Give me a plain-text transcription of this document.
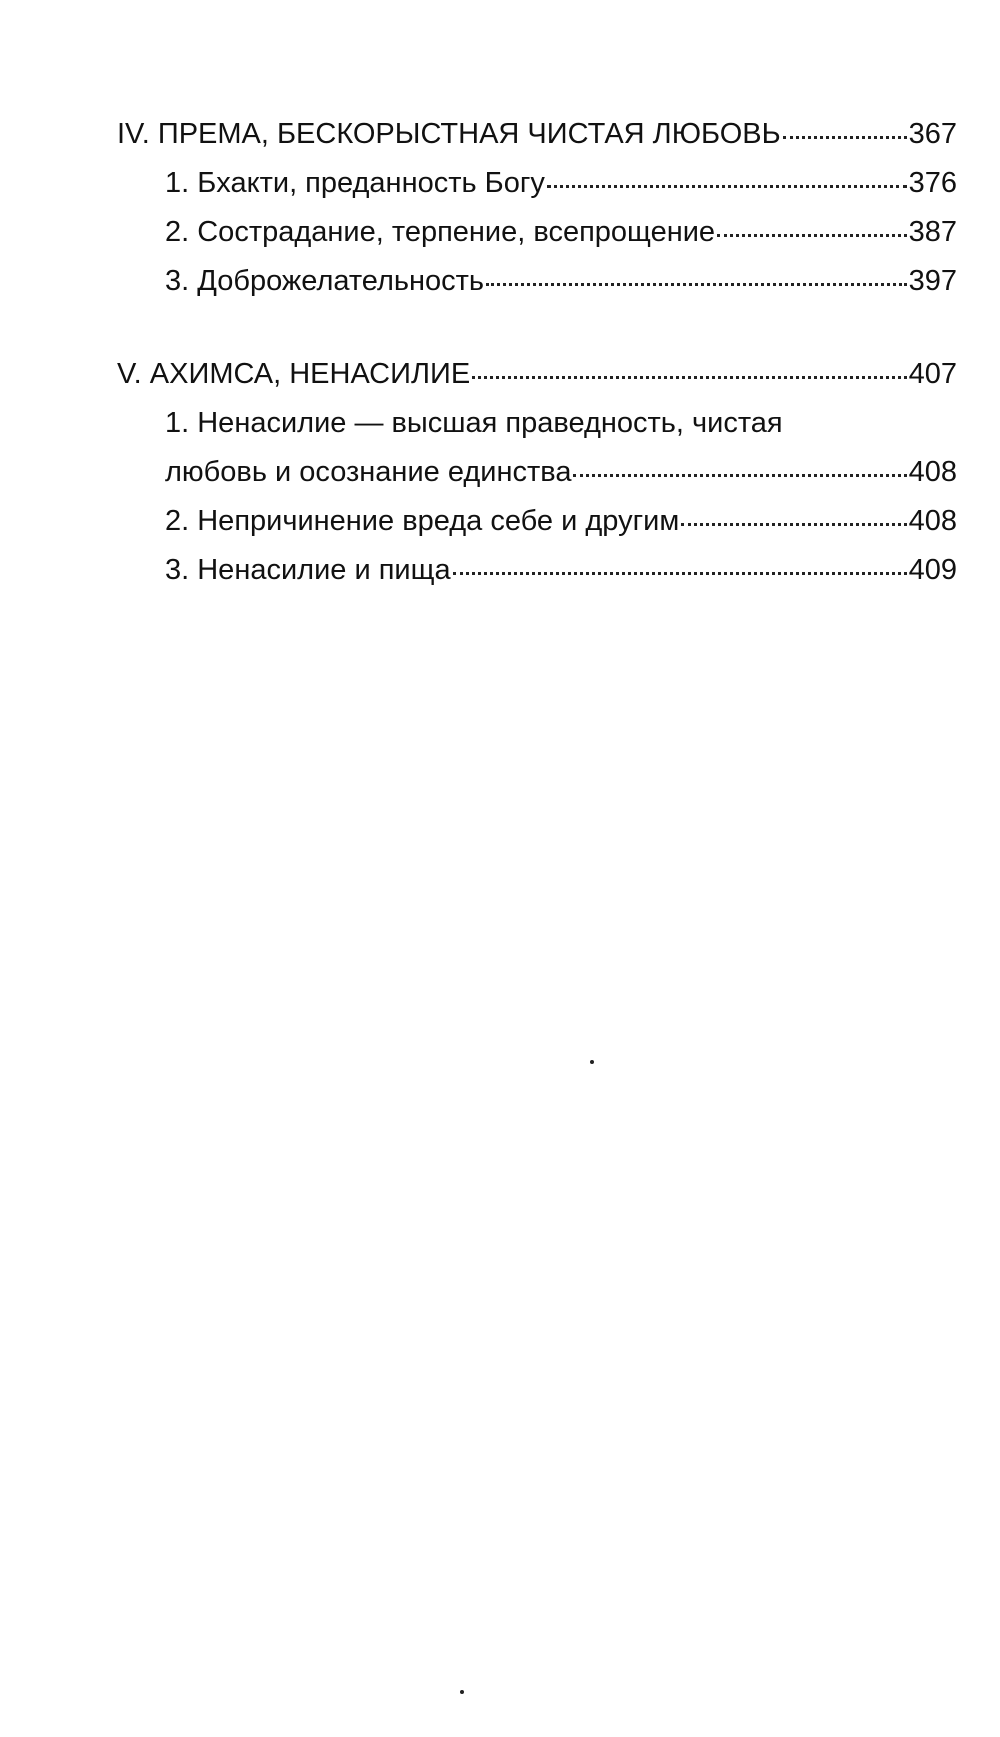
IV. ПРЕМА, БЕСКОРЫСТНАЯ ЧИСТАЯ ЛЮБОВЬ	367
1. Бхакти, преданность Богу	376
2. Сострадание, терпение, всепрощение	387
3. Доброжелательность	397
V. АХИМСА, НЕНАСИЛИЕ	407
1. Ненасилие — высшая праведность, чистая
любовь и осознание единства	408
2. Непричинение вреда себе и другим	408
3. Ненасилие и пища	409
